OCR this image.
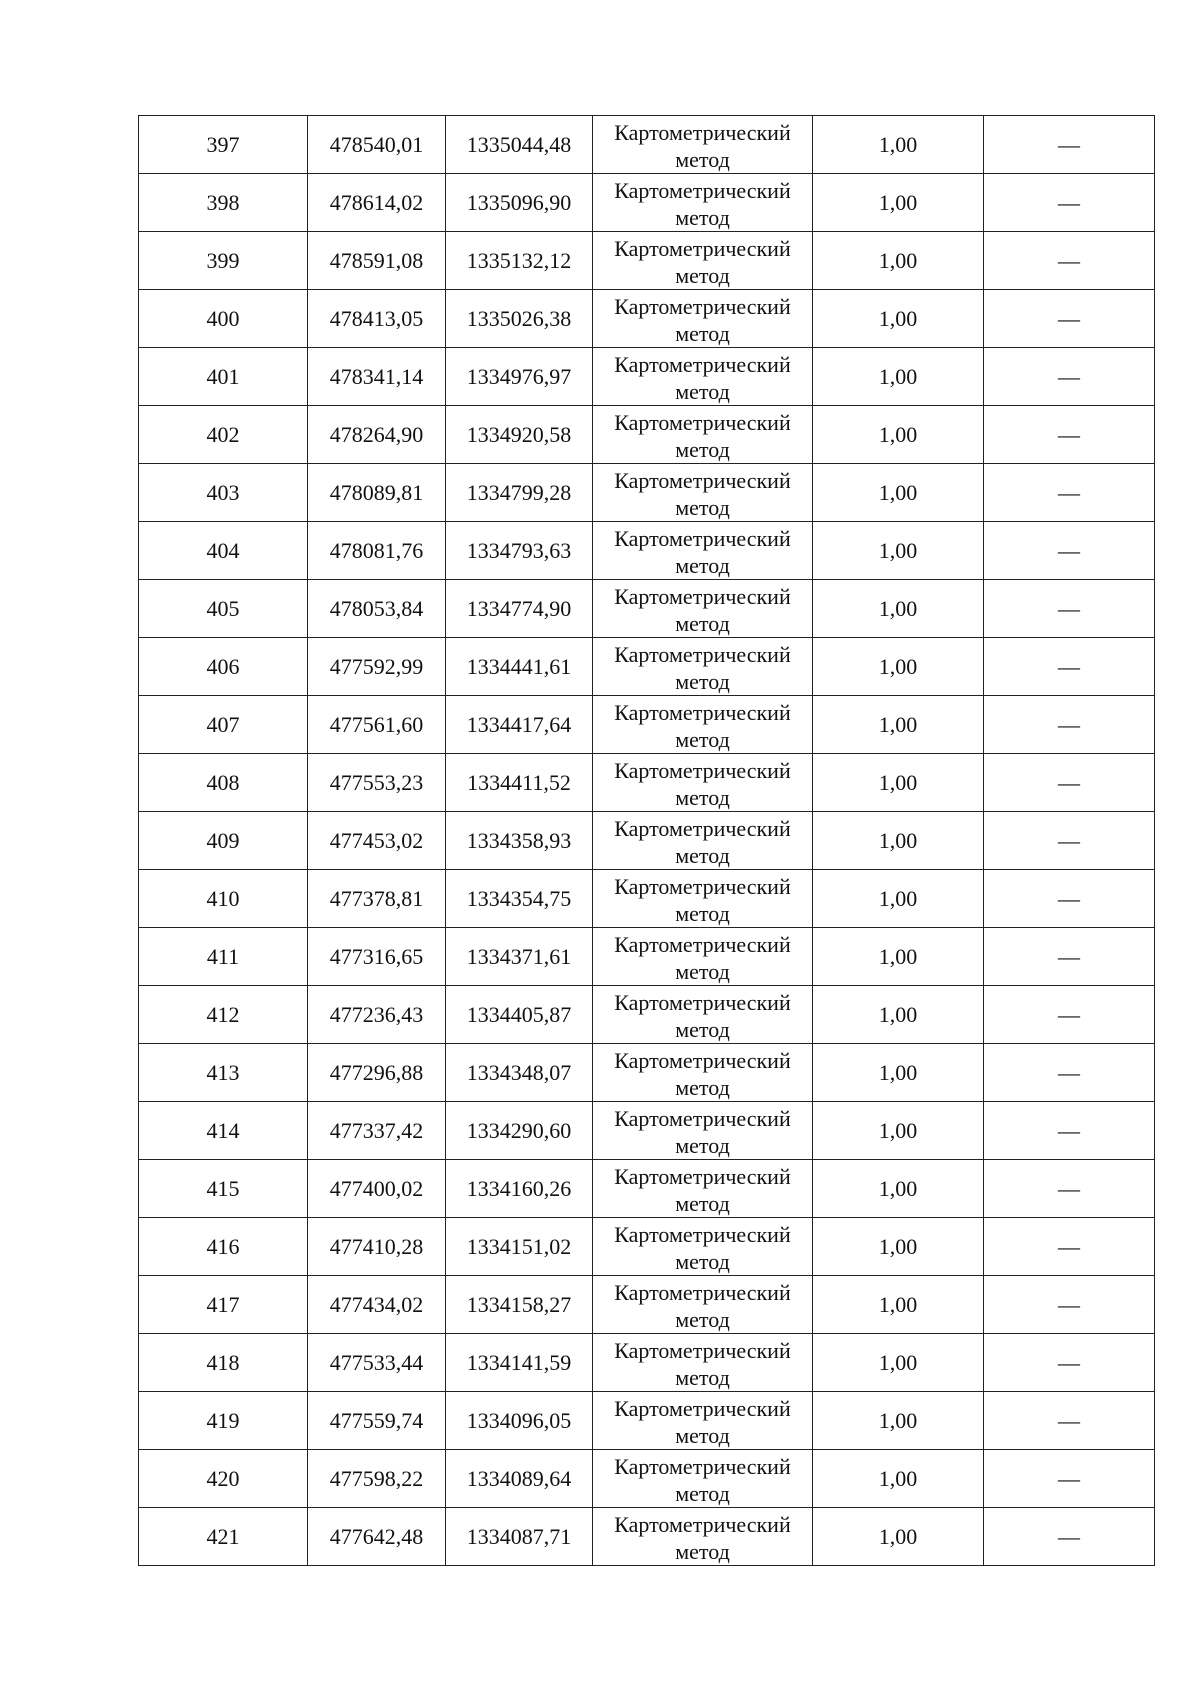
397	478540,01	1335044,48	Картометрический метод	1,00	—
398	478614,02	1335096,90	Картометрический метод	1,00	—
399	478591,08	1335132,12	Картометрический метод	1,00	—
400	478413,05	1335026,38	Картометрический метод	1,00	—
401	478341,14	1334976,97	Картометрический метод	1,00	—
402	478264,90	1334920,58	Картометрический метод	1,00	—
403	478089,81	1334799,28	Картометрический метод	1,00	—
404	478081,76	1334793,63	Картометрический метод	1,00	—
405	478053,84	1334774,90	Картометрический метод	1,00	—
406	477592,99	1334441,61	Картометрический метод	1,00	—
407	477561,60	1334417,64	Картометрический метод	1,00	—
408	477553,23	1334411,52	Картометрический метод	1,00	—
409	477453,02	1334358,93	Картометрический метод	1,00	—
410	477378,81	1334354,75	Картометрический метод	1,00	—
411	477316,65	1334371,61	Картометрический метод	1,00	—
412	477236,43	1334405,87	Картометрический метод	1,00	—
413	477296,88	1334348,07	Картометрический метод	1,00	—
414	477337,42	1334290,60	Картометрический метод	1,00	—
415	477400,02	1334160,26	Картометрический метод	1,00	—
416	477410,28	1334151,02	Картометрический метод	1,00	—
417	477434,02	1334158,27	Картометрический метод	1,00	—
418	477533,44	1334141,59	Картометрический метод	1,00	—
419	477559,74	1334096,05	Картометрический метод	1,00	—
420	477598,22	1334089,64	Картометрический метод	1,00	—
421	477642,48	1334087,71	Картометрический метод	1,00	—
